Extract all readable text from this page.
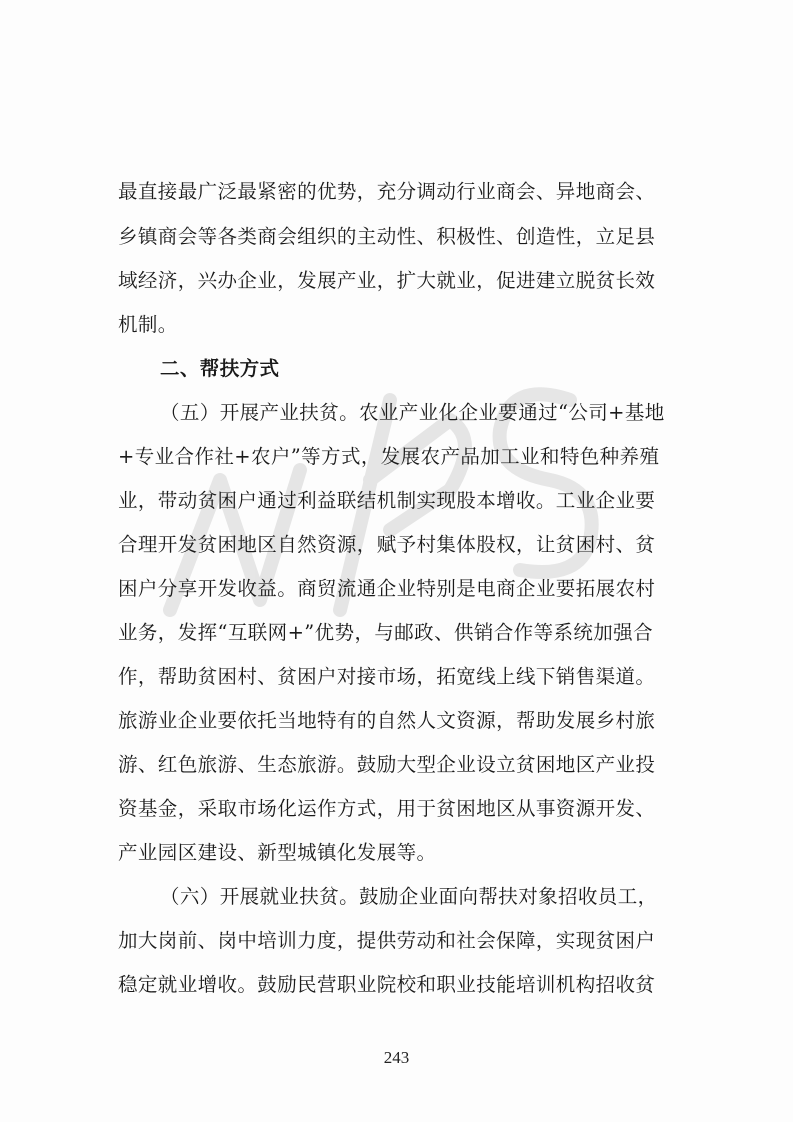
最直接最广泛最紧密的优势，充分调动行业商会、异地商会、
乡镇商会等各类商会组织的主动性、积极性、创造性，立足县
域经济，兴办企业，发展产业，扩大就业，促进建立脱贫长效
机制。
二、帮扶方式
（五）开展产业扶贫。农业产业化企业要通过“公司+基地
+专业合作社+农户”等方式，发展农产品加工业和特色种养殖
业，带动贫困户通过利益联结机制实现股本增收。工业企业要
合理开发贫困地区自然资源，赋予村集体股权，让贫困村、贫
困户分享开发收益。商贸流通企业特别是电商企业要拓展农村
业务，发挥“互联网+”优势，与邮政、供销合作等系统加强合
作，帮助贫困村、贫困户对接市场，拓宽线上线下销售渠道。
旅游业企业要依托当地特有的自然人文资源，帮助发展乡村旅
游、红色旅游、生态旅游。鼓励大型企业设立贫困地区产业投
资基金，采取市场化运作方式，用于贫困地区从事资源开发、
产业园区建设、新型城镇化发展等。
（六）开展就业扶贫。鼓励企业面向帮扶对象招收员工，
加大岗前、岗中培训力度，提供劳动和社会保障，实现贫困户
稳定就业增收。鼓励民营职业院校和职业技能培训机构招收贫
243
